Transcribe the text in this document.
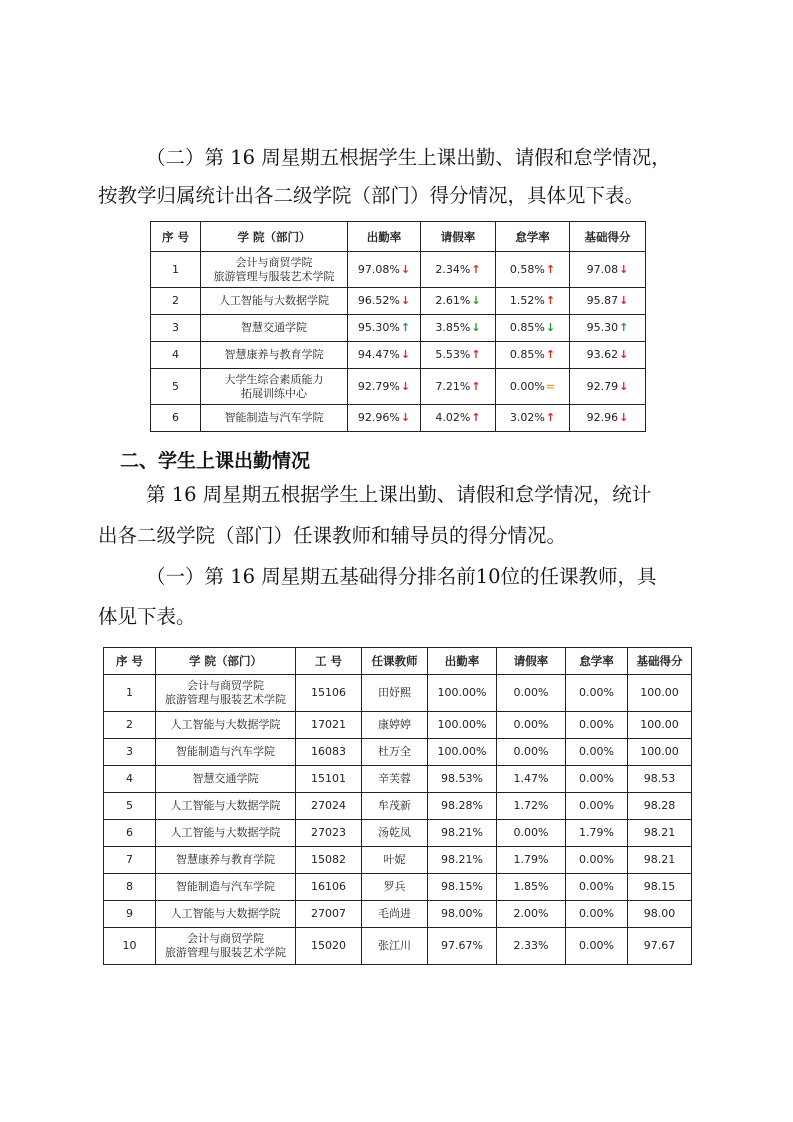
（二）第 16 周星期五根据学生上课出勤、请假和怠学情况，
按教学归属统计出各二级学院（部门）得分情况，具体见下表。
序 号	学 院（部门）	出勤率	请假率	怠学率	基础得分
1	会计与商贸学院
旅游管理与服装艺术学院	97.08%↓	2.34%↑	0.58%↑	97.08↓
2	人工智能与大数据学院	96.52%↓	2.61%↓	1.52%↑	95.87↓
3	智慧交通学院	95.30%↑	3.85%↓	0.85%↓	95.30↑
4	智慧康养与教育学院	94.47%↓	5.53%↑	0.85%↑	93.62↓
5	大学生综合素质能力
拓展训练中心	92.79%↓	7.21%↑	0.00%=	92.79↓
6	智能制造与汽车学院	92.96%↓	4.02%↑	3.02%↑	92.96↓
二、学生上课出勤情况
第 16 周星期五根据学生上课出勤、请假和怠学情况，统计
出各二级学院（部门）任课教师和辅导员的得分情况。
（一）第 16 周星期五基础得分排名前10位的任课教师，具
体见下表。
序 号	学 院（部门）	工 号	任课教师	出勤率	请假率	怠学率	基础得分
1	会计与商贸学院
旅游管理与服装艺术学院	15106	田妤熙	100.00%	0.00%	0.00%	100.00
2	人工智能与大数据学院	17021	康婷婷	100.00%	0.00%	0.00%	100.00
3	智能制造与汽车学院	16083	杜万全	100.00%	0.00%	0.00%	100.00
4	智慧交通学院	15101	辛芙蓉	98.53%	1.47%	0.00%	98.53
5	人工智能与大数据学院	27024	牟茂新	98.28%	1.72%	0.00%	98.28
6	人工智能与大数据学院	27023	汤乾凤	98.21%	0.00%	1.79%	98.21
7	智慧康养与教育学院	15082	叶妮	98.21%	1.79%	0.00%	98.21
8	智能制造与汽车学院	16106	罗兵	98.15%	1.85%	0.00%	98.15
9	人工智能与大数据学院	27007	毛尚进	98.00%	2.00%	0.00%	98.00
10	会计与商贸学院
旅游管理与服装艺术学院	15020	张江川	97.67%	2.33%	0.00%	97.67
